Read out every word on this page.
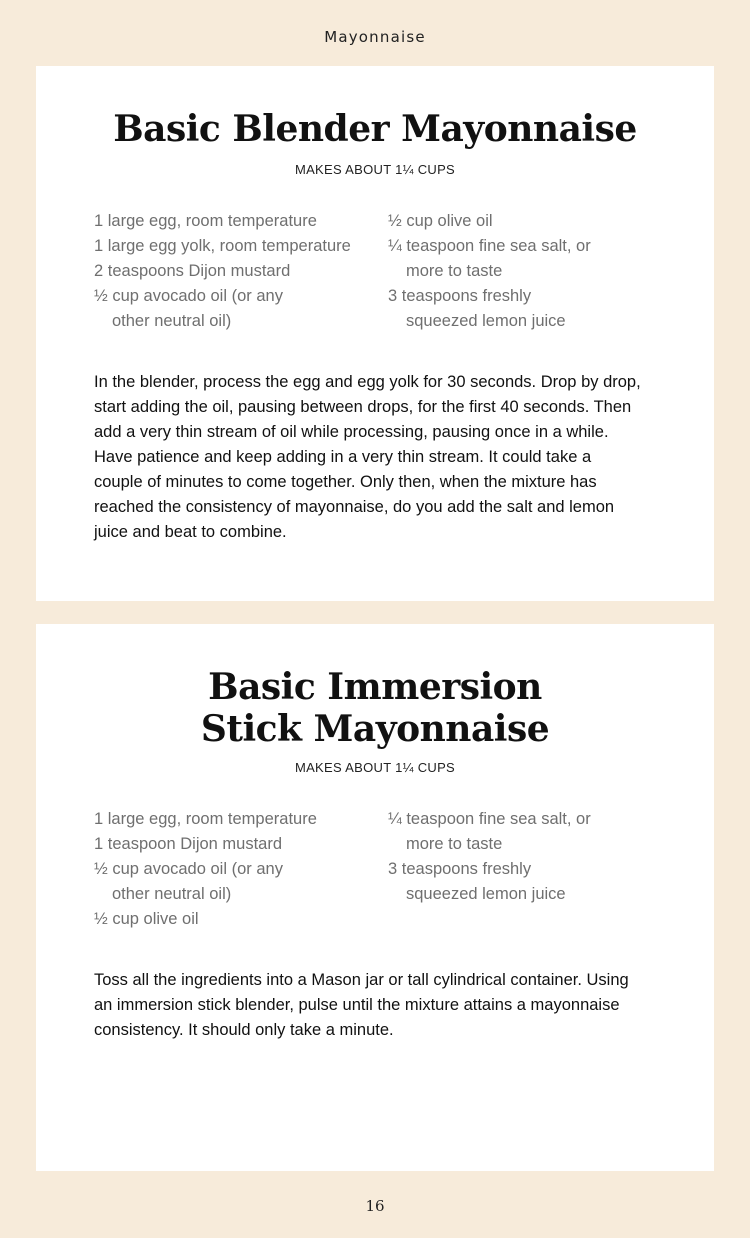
Mayonnaise
Basic Blender Mayonnaise
MAKES ABOUT 1¼ CUPS
1 large egg, room temperature
1 large egg yolk, room temperature
2 teaspoons Dijon mustard
½ cup avocado oil (or any other neutral oil)
½ cup olive oil
¼ teaspoon fine sea salt, or more to taste
3 teaspoons freshly squeezed lemon juice

In the blender, process the egg and egg yolk for 30 seconds. Drop by drop, start adding the oil, pausing between drops, for the first 40 seconds. Then add a very thin stream of oil while processing, pausing once in a while. Have patience and keep adding in a very thin stream. It could take a couple of minutes to come together. Only then, when the mixture has reached the consistency of mayonnaise, do you add the salt and lemon juice and beat to combine.

Basic Immersion Stick Mayonnaise
MAKES ABOUT 1¼ CUPS
1 large egg, room temperature
1 teaspoon Dijon mustard
½ cup avocado oil (or any other neutral oil)
½ cup olive oil
¼ teaspoon fine sea salt, or more to taste
3 teaspoons freshly squeezed lemon juice

Toss all the ingredients into a Mason jar or tall cylindrical container. Using an immersion stick blender, pulse until the mixture attains a mayonnaise consistency. It should only take a minute.

16
